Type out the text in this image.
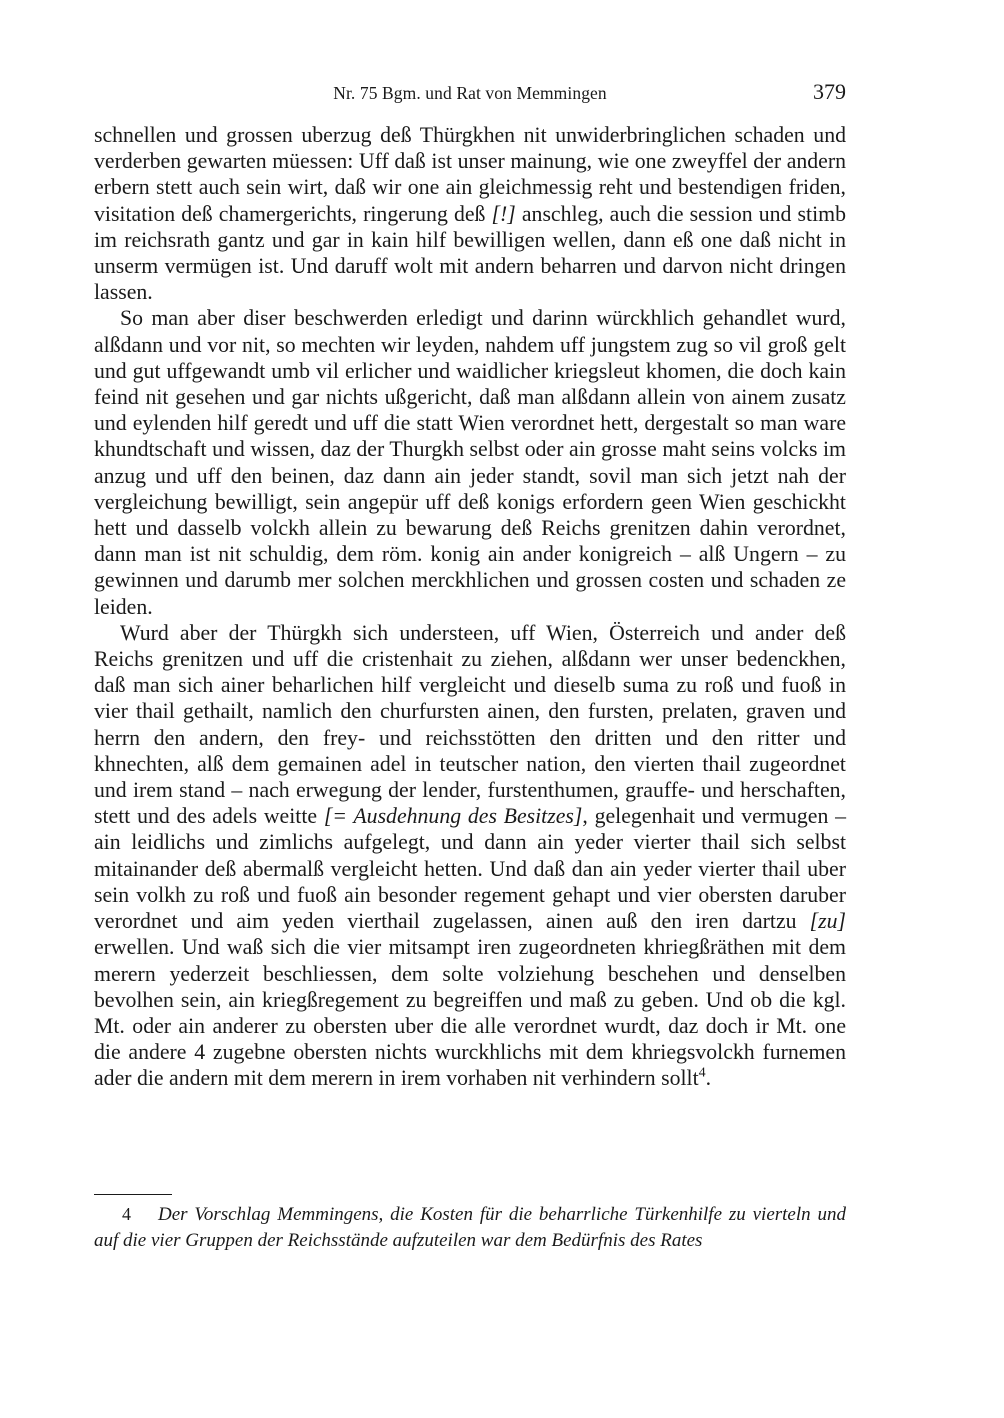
Nr. 75 Bgm. und Rat von Memmingen	379

schnellen und grossen uberzug deß Thürgkhen nit unwiderbringlichen schaden und verderben gewarten müessen: Uff daß ist unser mainung, wie one zweyffel der andern erbern stett auch sein wirt, daß wir one ain gleichmessig reht und bestendigen friden, visitation deß chamergerichts, ringerung deß [!] anschleg, auch die session und stimb im reichsrath gantz und gar in kain hilf bewilligen wellen, dann eß one daß nicht in unserm vermügen ist. Und daruff wolt mit andern beharren und darvon nicht dringen lassen.

So man aber diser beschwerden erledigt und darinn würckhlich gehandlet wurd, alßdann und vor nit, so mechten wir leyden, nahdem uff jungstem zug so vil groß gelt und gut uffgewandt umb vil erlicher und waidlicher kriegsleut khomen, die doch kain feind nit gesehen und gar nichts ußgericht, daß man alßdann allein von ainem zusatz und eylenden hilf geredt und uff die statt Wien verordnet hett, dergestalt so man ware khundtschaft und wissen, daz der Thurgkh selbst oder ain grosse maht seins volcks im anzug und uff den beinen, daz dann ain jeder standt, sovil man sich jetzt nah der vergleichung bewilligt, sein angepür uff deß konigs erfordern geen Wien geschickht hett und dasselb volckh allein zu bewarung deß Reichs grenitzen dahin verordnet, dann man ist nit schuldig, dem röm. konig ain ander konigreich – alß Ungern – zu gewinnen und darumb mer solchen merckhlichen und grossen costen und schaden ze leiden.

Wurd aber der Thürgkh sich understeen, uff Wien, Österreich und ander deß Reichs grenitzen und uff die cristenhait zu ziehen, alßdann wer unser bedenckhen, daß man sich ainer beharlichen hilf vergleicht und dieselb suma zu roß und fuoß in vier thail gethailt, namlich den churfursten ainen, den fursten, prelaten, graven und herrn den andern, den frey- und reichsstötten den dritten und den ritter und khnechten, alß dem gemainen adel in teutscher nation, den vierten thail zugeordnet und irem stand – nach erwegung der lender, furstenthumen, grauffe- und herschaften, stett und des adels weitte [= Ausdehnung des Besitzes], gelegenhait und vermugen – ain leidlichs und zimlichs aufgelegt, und dann ain yeder vierter thail sich selbst mitainander deß abermalß vergleicht hetten. Und daß dan ain yeder vierter thail uber sein volkh zu roß und fuoß ain besonder regement gehapt und vier obersten daruber verordnet und aim yeden vierthail zugelassen, ainen auß den iren dartzu [zu] erwellen. Und waß sich die vier mitsampt iren zugeordneten khriegßräthen mit dem merern yederzeit beschliessen, dem solte volziehung beschehen und denselben bevolhen sein, ain kriegßregement zu begreiffen und maß zu geben. Und ob die kgl. Mt. oder ain anderer zu obersten uber die alle verordnet wurdt, daz doch ir Mt. one die andere 4 zugebne obersten nichts wurckhlichs mit dem khriegsvolckh furnemen ader die andern mit dem merern in irem vorhaben nit verhindern sollt$^4$.

4 Der Vorschlag Memmingens, die Kosten für die beharrliche Türkenhilfe zu vierteln und auf die vier Gruppen der Reichsstände aufzuteilen war dem Bedürfnis des Rates
